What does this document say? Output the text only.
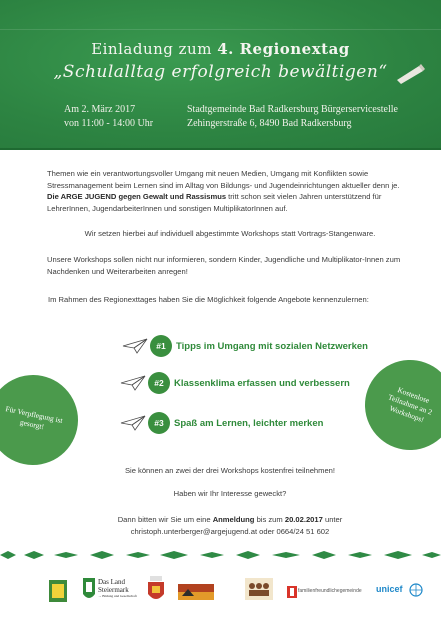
Einladung zum 4. Regionextag
„Schulalltag erfolgreich bewältigen“
Am 2. März 2017
von 11:00 - 14:00 Uhr
Stadtgemeinde Bad Radkersburg Bürgerservicestelle
Zehingerstraße 6, 8490 Bad Radkersburg
Themen wie ein verantwortungsvoller Umgang mit neuen Medien, Umgang mit Konflikten sowie Stressmanagement beim Lernen sind im Alltag von Bildungs- und Jugendeinrichtungen aktueller denn je. Die ARGE JUGEND gegen Gewalt und Rassismus tritt schon seit vielen Jahren unterstützend für LehrerInnen, JugendarbeiterInnen und sonstigen MultiplikatorInnen auf.
Wir setzen hierbei auf individuell abgestimmte Workshops statt Vortrags-Stangenware.
Unsere Workshops sollen nicht nur informieren, sondern Kinder, Jugendliche und Multiplikator-Innen zum Nachdenken und Weiterarbeiten anregen!
Im Rahmen des Regionexttages haben Sie die Möglichkeit folgende Angebote kennenzulernen:
#1	Tipps im Umgang mit sozialen Netzwerken
#2	Klassenklima erfassen und verbessern
#3	Spaß am Lernen, leichter merken
Für Verpflegung ist gesorgt!
Kostenlose Teilnahme an 2 Workshops!
Sie können an zwei der drei Workshops kostenfrei teilnehmen!
Haben wir Ihr Interesse geweckt?
Dann bitten wir Sie um eine Anmeldung bis zum 20.02.2017 unter
christoph.unterberger@argejugend.at oder 0664/24 51 602
Das Land
Steiermark
→ Bildung und Gesellschaft
familienfreundlichegemeinde	unicef
